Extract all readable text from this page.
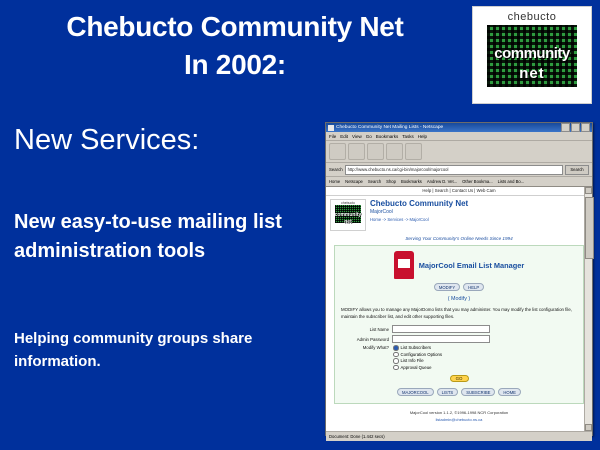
Chebucto Community Net
In 2002:
chebucto
community
net
New Services:
New easy-to-use mailing list administration tools
Helping community groups share information.
Chebucto Community Net Mailing Lists - Netscape
File Edit View Go Bookmarks Tasks Help
Search	http://www.chebucto.ns.ca/cgi-bin/majorcool/majorcool	Search
Home Netscape Search Shop Bookmarks Andrew D. Vet... Other Bookma... Lists and Bo...
Help | Search | Contact Us | Web Cam
chebucto
community
net
Chebucto Community Net
MajorCool
Home -> Services -> MajorCool
Serving Your Community's Online Needs Since 1994
MajorCool Email List Manager
MODIFY	HELP
( Modify )
MODIFY allows you to manage any MajorDomo lists that you may administer. You may modify the list configuration file, maintain the subscriber list, and edit other supporting files.
List Name
Admin Password
Modify What?	List Subscribers
Configuration Options
List Info File
Approval Queue
GO
MAJORCOOL	LISTS	SUBSCRIBE	HOME
MajorCool version 1.1.2, ©1996-1998 NCR Corporation
listadmin@chebucto.ns.ca
Document: Done (1.442 secs)
